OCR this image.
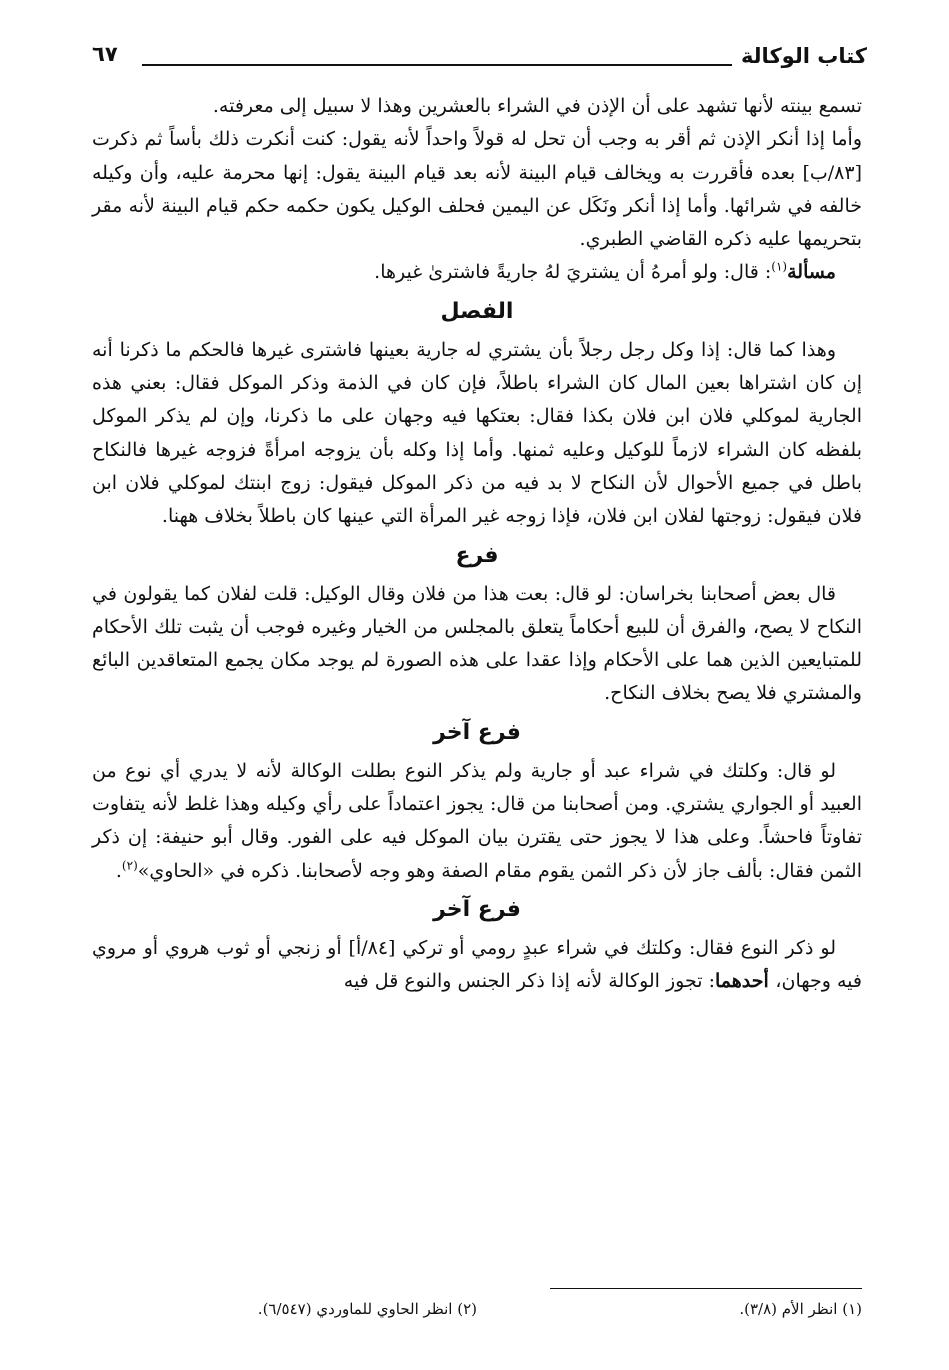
كتاب الوكالة
٦٧

تسمع بينته لأنها تشهد على أن الإذن في الشراء بالعشرين وهذا لا سبيل إلى معرفته.

وأما إذا أنكر الإذن ثم أقر به وجب أن تحل له قولاً واحداً لأنه يقول: كنت أنكرت ذلك بأساً ثم ذكرت [٨٣/ب] بعده فأقررت به ويخالف قيام البينة لأنه بعد قيام البينة يقول: إنها محرمة عليه، وأن وكيله خالفه في شرائها. وأما إذا أنكر ونَكَل عن اليمين فحلف الوكيل يكون حكمه حكم قيام البينة لأنه مقر بتحريمها عليه ذكره القاضي الطبري.

مسألة$^{(١)}$: قال: ولو أمرهُ أن يشتريَ لهُ جاريةً فاشترىٰ غيرها.

الفصل

وهذا كما قال: إذا وكل رجل رجلاً بأن يشتري له جارية بعينها فاشترى غيرها فالحكم ما ذكرنا أنه إن كان اشتراها بعين المال كان الشراء باطلاً، فإن كان في الذمة وذكر الموكل فقال: بعني هذه الجارية لموكلي فلان ابن فلان بكذا فقال: بعتكها فيه وجهان على ما ذكرنا، وإن لم يذكر الموكل بلفظه كان الشراء لازماً للوكيل وعليه ثمنها. وأما إذا وكله بأن يزوجه امرأةً فزوجه غيرها فالنكاح باطل في جميع الأحوال لأن النكاح لا بد فيه من ذكر الموكل فيقول: زوج ابنتك لموكلي فلان ابن فلان فيقول: زوجتها لفلان ابن فلان، فإذا زوجه غير المرأة التي عينها كان باطلاً بخلاف ههنا.

فرع

قال بعض أصحابنا بخراسان: لو قال: بعت هذا من فلان وقال الوكيل: قلت لفلان كما يقولون في النكاح لا يصح، والفرق أن للبيع أحكاماً يتعلق بالمجلس من الخيار وغيره فوجب أن يثبت تلك الأحكام للمتبايعين الذين هما على الأحكام وإذا عقدا على هذه الصورة لم يوجد مكان يجمع المتعاقدين البائع والمشتري فلا يصح بخلاف النكاح.

فرع آخر

لو قال: وكلتك في شراء عبد أو جارية ولم يذكر النوع بطلت الوكالة لأنه لا يدري أي نوع من العبيد أو الجواري يشتري. ومن أصحابنا من قال: يجوز اعتماداً على رأي وكيله وهذا غلط لأنه يتفاوت تفاوتاً فاحشاً. وعلى هذا لا يجوز حتى يقترن بيان الموكل فيه على الفور. وقال أبو حنيفة: إن ذكر الثمن فقال: بألف جاز لأن ذكر الثمن يقوم مقام الصفة وهو وجه لأصحابنا. ذكره في «الحاوي»$^{(٢)}$.

فرع آخر

لو ذكر النوع فقال: وكلتك في شراء عبدٍ رومي أو تركي [٨٤/أ] أو زنجي أو ثوب هروي أو مروي فيه وجهان، أحدهما: تجوز الوكالة لأنه إذا ذكر الجنس والنوع قل فيه

(١) انظر الأم (٣/٨).
(٢) انظر الحاوي للماوردي (٦/٥٤٧).
